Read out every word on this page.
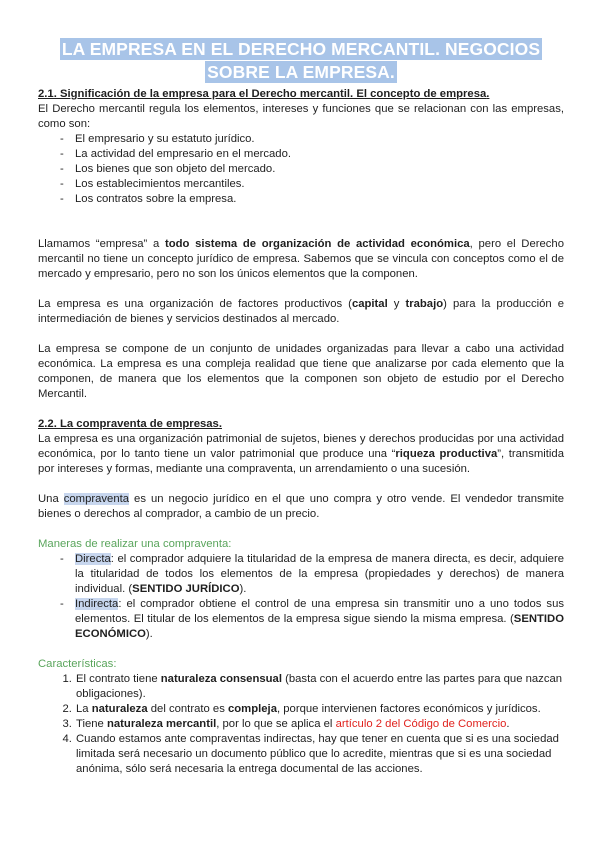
LA EMPRESA EN EL DERECHO MERCANTIL. NEGOCIOS
SOBRE LA EMPRESA.
2.1. Significación de la empresa para el Derecho mercantil. El concepto de empresa.

El Derecho mercantil regula los elementos, intereses y funciones que se relacionan con las empresas, como son:

- El empresario y su estatuto jurídico.
- La actividad del empresario en el mercado.
- Los bienes que son objeto del mercado.
- Los establecimientos mercantiles.
- Los contratos sobre la empresa.

Llamamos “empresa” a todo sistema de organización de actividad económica, pero el Derecho mercantil no tiene un concepto jurídico de empresa. Sabemos que se vincula con conceptos como el de mercado y empresario, pero no son los únicos elementos que la componen.

La empresa es una organización de factores productivos (capital y trabajo) para la producción e intermediación de bienes y servicios destinados al mercado.

La empresa se compone de un conjunto de unidades organizadas para llevar a cabo una actividad económica. La empresa es una compleja realidad que tiene que analizarse por cada elemento que la componen, de manera que los elementos que la componen son objeto de estudio por el Derecho Mercantil.

2.2. La compraventa de empresas.

La empresa es una organización patrimonial de sujetos, bienes y derechos producidas por una actividad económica, por lo tanto tiene un valor patrimonial que produce una “riqueza productiva”, transmitida por intereses y formas, mediante una compraventa, un arrendamiento o una sucesión.

Una compraventa es un negocio jurídico en el que uno compra y otro vende. El vendedor transmite bienes o derechos al comprador, a cambio de un precio.

Maneras de realizar una compraventa:

- Directa: el comprador adquiere la titularidad de la empresa de manera directa, es decir, adquiere la titularidad de todos los elementos de la empresa (propiedades y derechos) de manera individual. (SENTIDO JURÍDICO).
- Indirecta: el comprador obtiene el control de una empresa sin transmitir uno a uno todos sus elementos. El titular de los elementos de la empresa sigue siendo la misma empresa. (SENTIDO ECONÓMICO).

Características:

1. El contrato tiene naturaleza consensual (basta con el acuerdo entre las partes para que nazcan obligaciones).
2. La naturaleza del contrato es compleja, porque intervienen factores económicos y jurídicos.
3. Tiene naturaleza mercantil, por lo que se aplica el artículo 2 del Código de Comercio.
4. Cuando estamos ante compraventas indirectas, hay que tener en cuenta que si es una sociedad limitada será necesario un documento público que lo acredite, mientras que si es una sociedad anónima, sólo será necesaria la entrega documental de las acciones.
